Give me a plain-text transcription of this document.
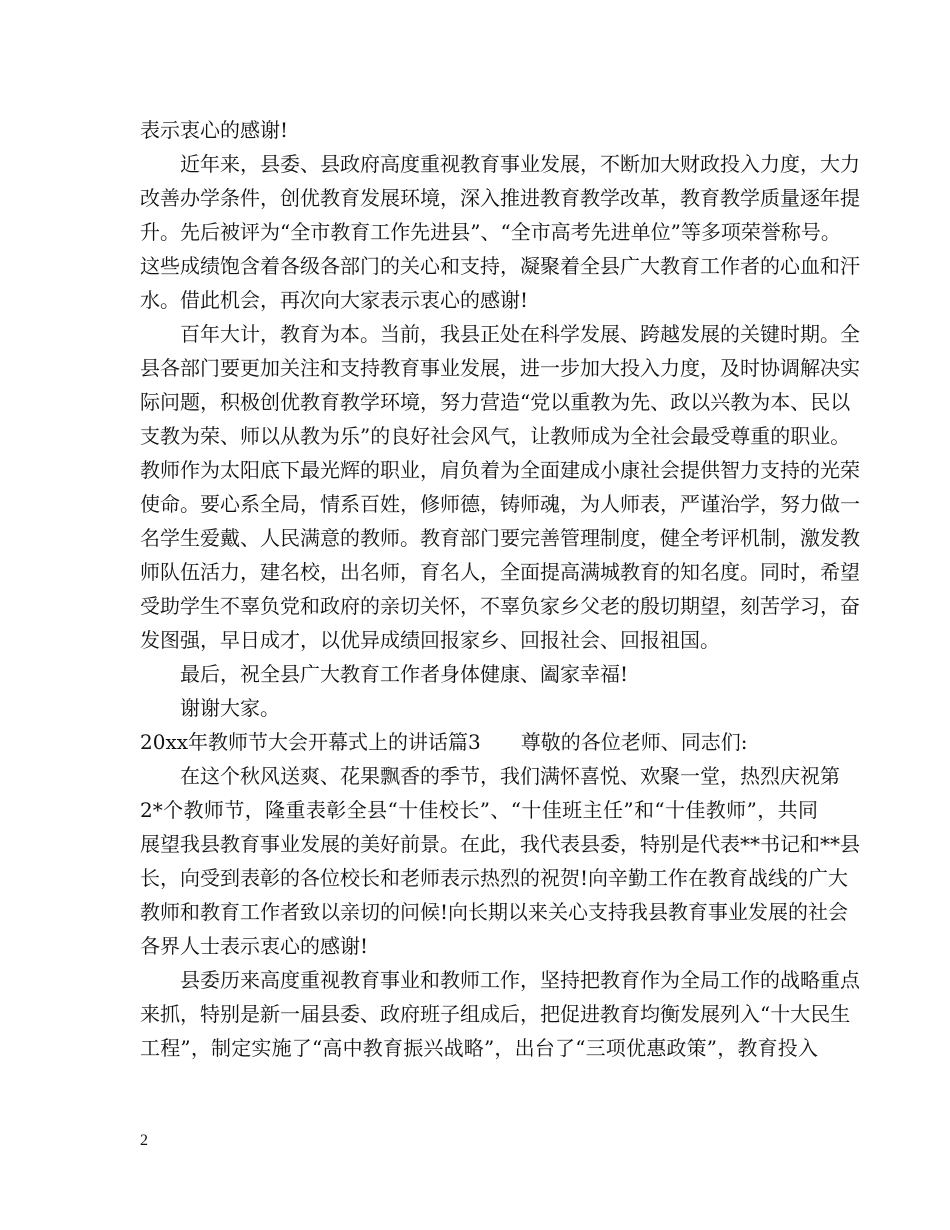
表示衷心的感谢!
近年来，县委、县政府高度重视教育事业发展，不断加大财政投入力度，大力
改善办学条件，创优教育发展环境，深入推进教育教学改革，教育教学质量逐年提
升。先后被评为“全市教育工作先进县”、“全市高考先进单位”等多项荣誉称号。
这些成绩饱含着各级各部门的关心和支持，凝聚着全县广大教育工作者的心血和汗
水。借此机会，再次向大家表示衷心的感谢!
百年大计，教育为本。当前，我县正处在科学发展、跨越发展的关键时期。全
县各部门要更加关注和支持教育事业发展，进一步加大投入力度，及时协调解决实
际问题，积极创优教育教学环境，努力营造“党以重教为先、政以兴教为本、民以
支教为荣、师以从教为乐”的良好社会风气，让教师成为全社会最受尊重的职业。
教师作为太阳底下最光辉的职业，肩负着为全面建成小康社会提供智力支持的光荣
使命。要心系全局，情系百姓，修师德，铸师魂，为人师表，严谨治学，努力做一
名学生爱戴、人民满意的教师。教育部门要完善管理制度，健全考评机制，激发教
师队伍活力，建名校，出名师，育名人，全面提高满城教育的知名度。同时，希望
受助学生不辜负党和政府的亲切关怀，不辜负家乡父老的殷切期望，刻苦学习，奋
发图强，早日成才，以优异成绩回报家乡、回报社会、回报祖国。
最后，祝全县广大教育工作者身体健康、阖家幸福!
谢谢大家。
20xx年教师节大会开幕式上的讲话篇3　　尊敬的各位老师、同志们:
在这个秋风送爽、花果飘香的季节，我们满怀喜悦、欢聚一堂，热烈庆祝第
2*个教师节，隆重表彰全县“十佳校长”、“十佳班主任”和“十佳教师”，共同
展望我县教育事业发展的美好前景。在此，我代表县委，特别是代表**书记和**县
长，向受到表彰的各位校长和老师表示热烈的祝贺!向辛勤工作在教育战线的广大
教师和教育工作者致以亲切的问候!向长期以来关心支持我县教育事业发展的社会
各界人士表示衷心的感谢!
县委历来高度重视教育事业和教师工作，坚持把教育作为全局工作的战略重点
来抓，特别是新一届县委、政府班子组成后，把促进教育均衡发展列入“十大民生
工程”，制定实施了“高中教育振兴战略”，出台了“三项优惠政策”，教育投入
2
